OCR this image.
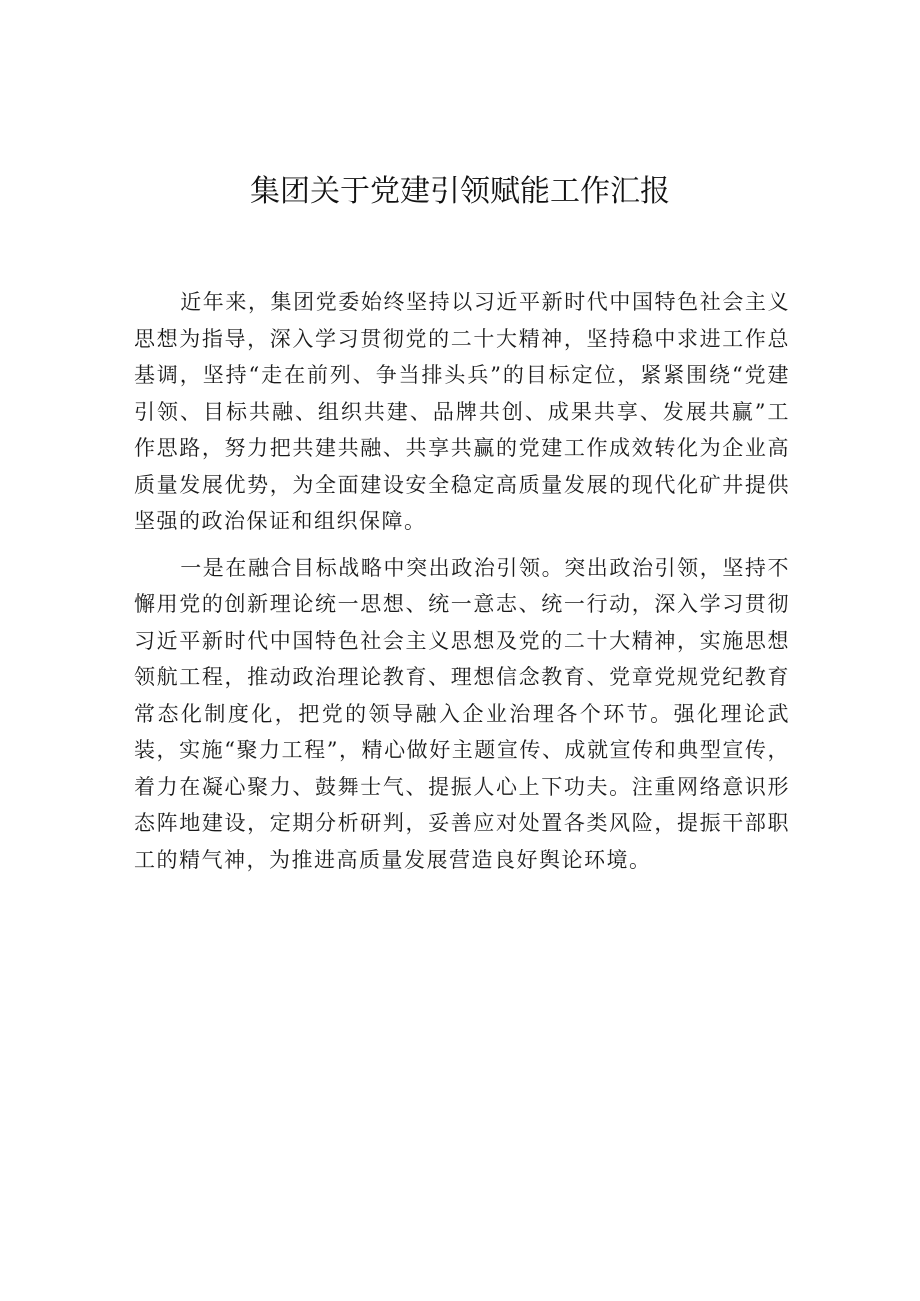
集团关于党建引领赋能工作汇报

近年来，集团党委始终坚持以习近平新时代中国特色社会主义思想为指导，深入学习贯彻党的二十大精神，坚持稳中求进工作总基调，坚持“走在前列、争当排头兵”的目标定位，紧紧围绕“党建引领、目标共融、组织共建、品牌共创、成果共享、发展共赢”工作思路，努力把共建共融、共享共赢的党建工作成效转化为企业高质量发展优势，为全面建设安全稳定高质量发展的现代化矿井提供坚强的政治保证和组织保障。

一是在融合目标战略中突出政治引领。突出政治引领，坚持不懈用党的创新理论统一思想、统一意志、统一行动，深入学习贯彻习近平新时代中国特色社会主义思想及党的二十大精神，实施思想领航工程，推动政治理论教育、理想信念教育、党章党规党纪教育常态化制度化，把党的领导融入企业治理各个环节。强化理论武装，实施“聚力工程”，精心做好主题宣传、成就宣传和典型宣传，着力在凝心聚力、鼓舞士气、提振人心上下功夫。注重网络意识形态阵地建设，定期分析研判，妥善应对处置各类风险，提振干部职工的精气神，为推进高质量发展营造良好舆论环境。
